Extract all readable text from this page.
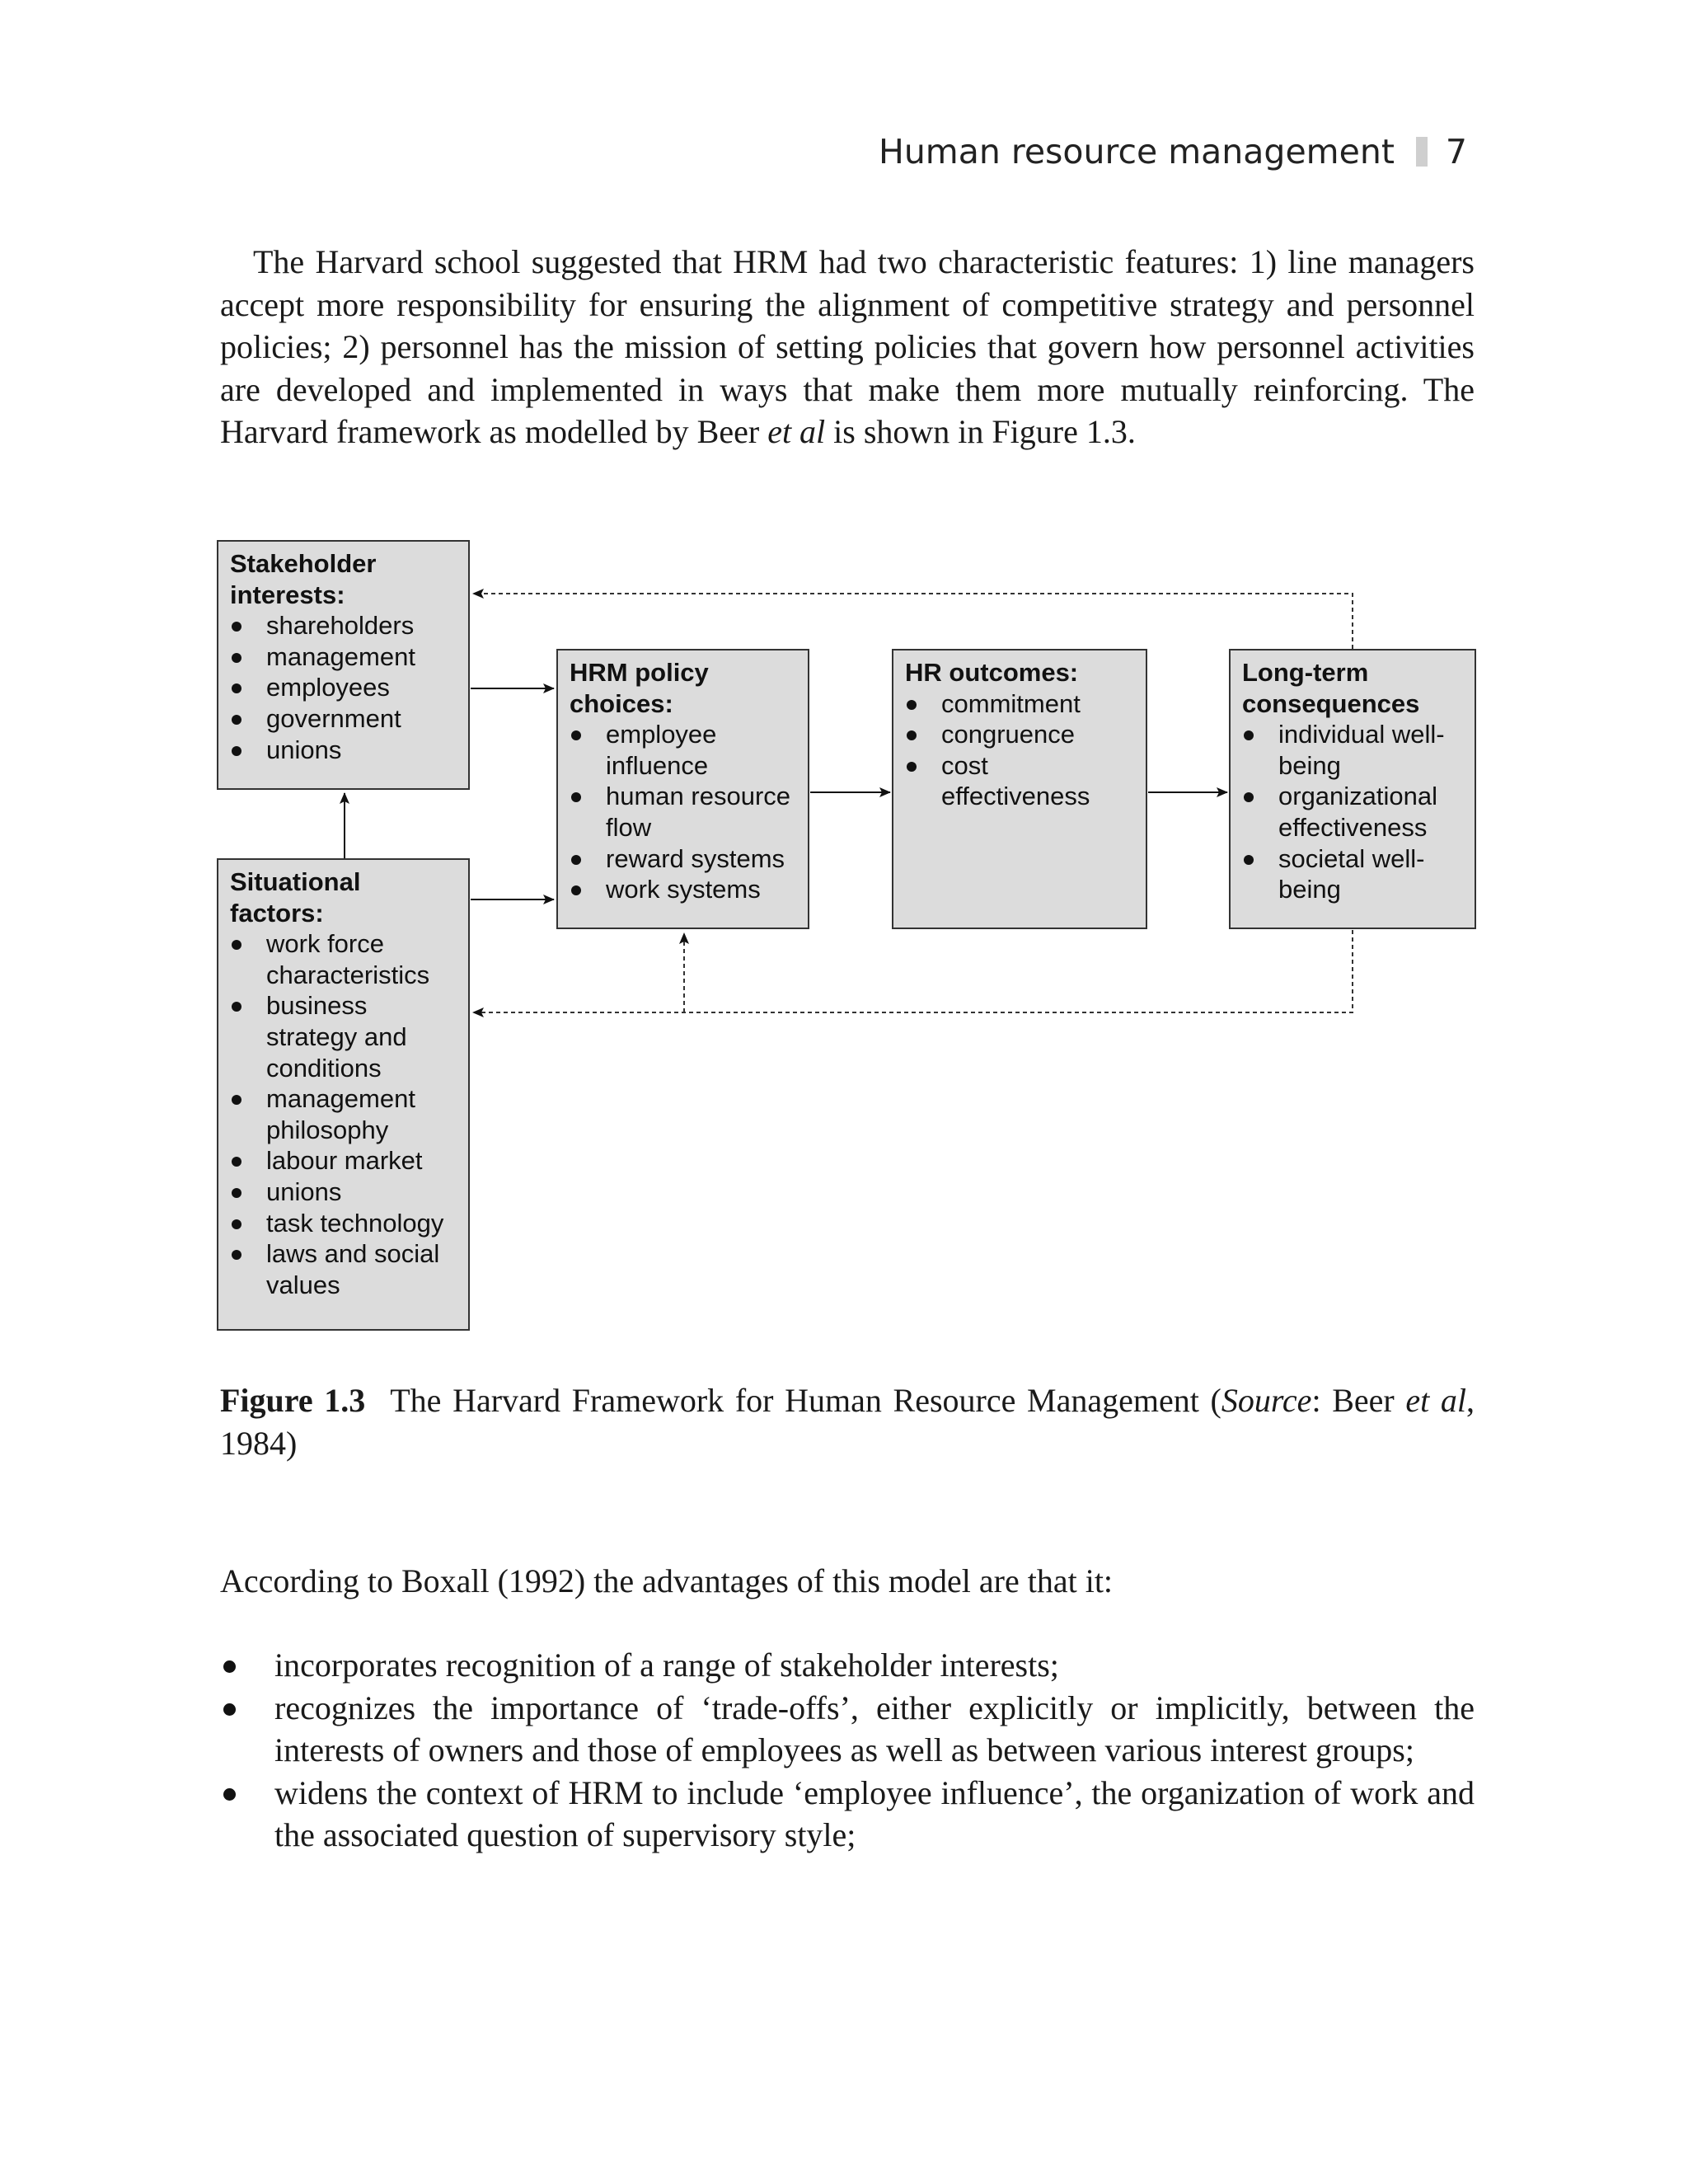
Human resource management 7

The Harvard school suggested that HRM had two characteristic features: 1) line managers accept more responsibility for ensuring the alignment of competitive strategy and personnel policies; 2) personnel has the mission of setting policies that govern how personnel activities are developed and implemented in ways that make them more mutually reinforcing. The Harvard framework as modelled by Beer et al is shown in Figure 1.3.

Stakeholder interests:
shareholders
management
employees
government
unions
Situational factors:
work force characteristics
business strategy and conditions
management philosophy
labour market
unions
task technology
laws and social values
HRM policy choices:
employee influence
human resource flow
reward systems
work systems
HR outcomes:
commitment
congruence
cost effectiveness
Long-term consequences
individual well-being
organizational effectiveness
societal well-being

Figure 1.3 The Harvard Framework for Human Resource Management (Source: Beer et al, 1984)

According to Boxall (1992) the advantages of this model are that it:

incorporates recognition of a range of stakeholder interests;
recognizes the importance of ‘trade-offs’, either explicitly or implicitly, between the interests of owners and those of employees as well as between various interest groups;
widens the context of HRM to include ‘employee influence’, the organization of work and the associated question of supervisory style;
